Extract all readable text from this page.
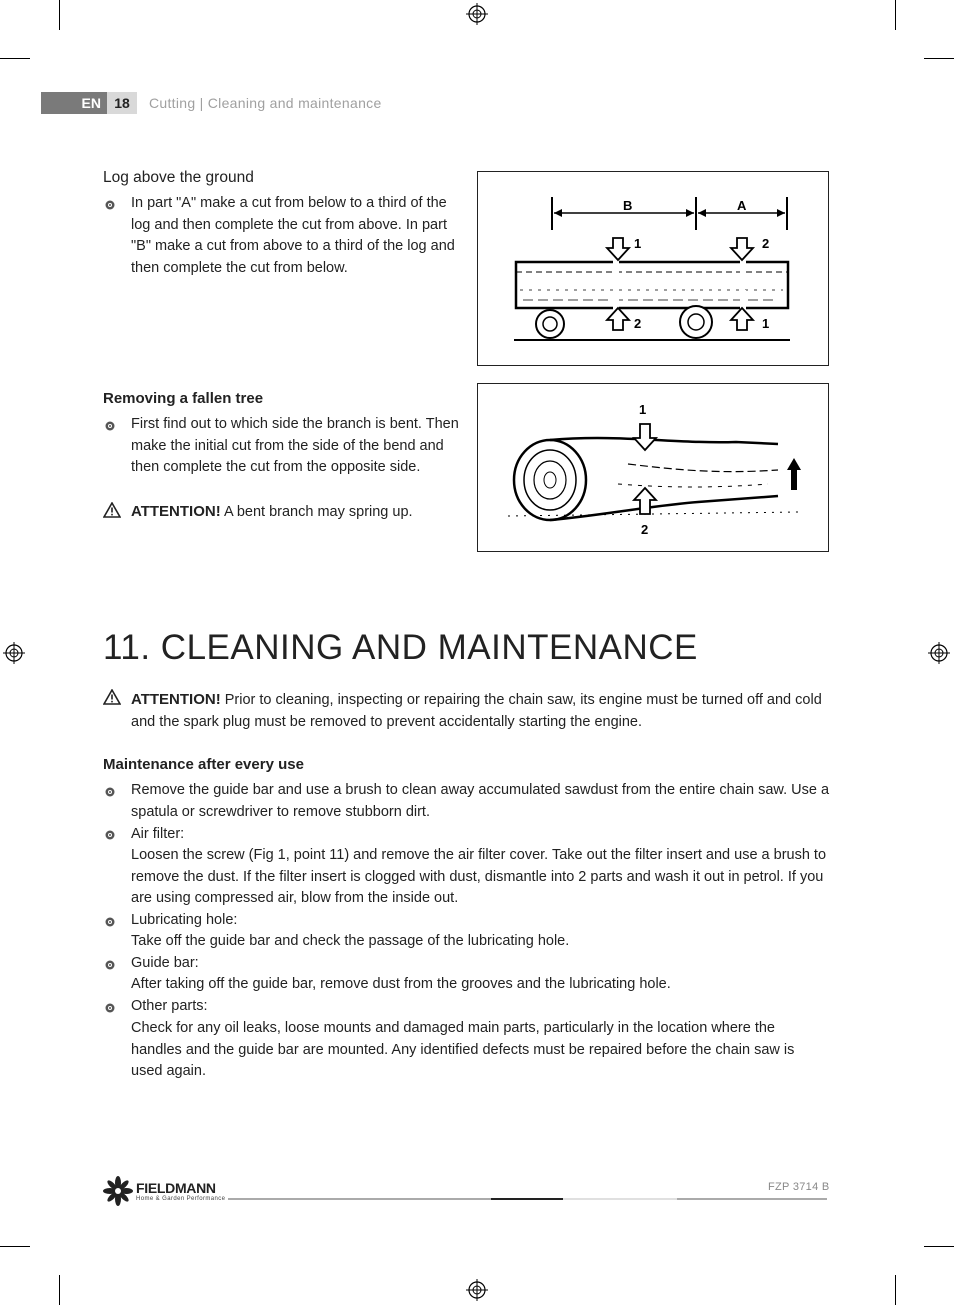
EN 18	Cutting | Cleaning and maintenance
Log above the ground
In part "A" make a cut from below to a third of the log and then complete the cut from above. In part "B" make a cut from above to a third of the log and then complete the cut from below.
B	A
1	2
2	1
Removing a fallen tree
First find out to which side the branch is bent. Then make the initial cut from the side of the bend and then complete the cut from the opposite side.
ATTENTION! A bent branch may spring up.
1
2
11. CLEANING AND MAINTENANCE
ATTENTION! Prior to cleaning, inspecting or repairing the chain saw, its engine must be turned off and cold and the spark plug must be removed to prevent accidentally starting the engine.
Maintenance after every use
Remove the guide bar and use a brush to clean away accumulated sawdust from the entire chain saw. Use a spatula or screwdriver to remove stubborn dirt.
Air filter:
Loosen the screw (Fig 1, point 11) and remove the air filter cover. Take out the filter insert and use a brush to remove the dust. If the filter insert is clogged with dust, dismantle into 2 parts and wash it out in petrol. If you are using compressed air, blow from the inside out.
Lubricating hole:
Take off the guide bar and check the passage of the lubricating hole.
Guide bar:
After taking off the guide bar, remove dust from the grooves and the lubricating hole.
Other parts:
Check for any oil leaks, loose mounts and damaged main parts, particularly in the location where the handles and the guide bar are mounted. Any identified defects must be repaired before the chain saw is used again.
FIELDMANN
Home & Garden Performance
FZP 3714 B
